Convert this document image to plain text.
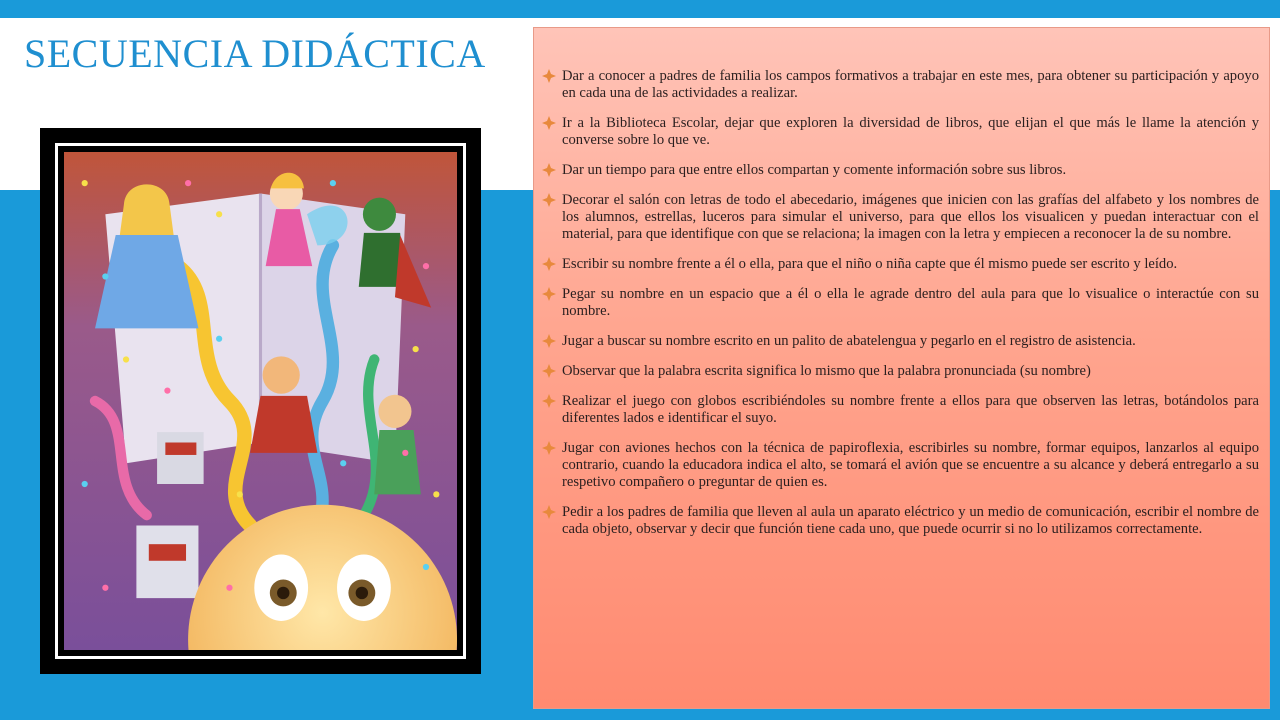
SECUENCIA DIDÁCTICA	Dar a conocer a padres de familia los campos formativos a trabajar en este mes, para obtener su participación y apoyo en cada una de las actividades a realizar.
Ir a la Biblioteca Escolar, dejar que exploren la diversidad de libros, que elijan el que más le llame la atención y converse sobre lo que ve.
Dar un tiempo para que entre ellos compartan y comente información sobre sus libros.
Decorar el salón con letras de todo el abecedario, imágenes que inicien con las grafías del alfabeto y los nombres de los alumnos, estrellas, luceros para simular el universo, para que ellos los visualicen y puedan interactuar con el material, para que identifique con que se relaciona; la imagen con la letra y empiecen a reconocer la de su nombre.
Escribir su nombre frente a él o ella, para que el niño o niña capte que él mismo puede ser escrito y leído.
Pegar su nombre en un espacio que a él o ella le agrade dentro del aula para que lo visualice o interactúe con su nombre.
Jugar a buscar su nombre escrito en un palito de abatelengua y pegarlo en el registro de asistencia.
Observar que la palabra escrita significa lo mismo que la palabra pronunciada (su nombre)
Realizar el juego con globos escribiéndoles su nombre frente a ellos para que observen las letras, botándolos para diferentes lados e identificar el suyo.
Jugar con aviones hechos con la técnica de papiroflexia, escribirles su nombre, formar equipos, lanzarlos al equipo contrario, cuando la educadora indica el alto, se tomará el avión que se encuentre a su alcance y deberá entregarlo a su respetivo compañero o preguntar de quien es.
Pedir a los padres de familia que lleven al aula un aparato eléctrico y un medio de comunicación, escribir el nombre de cada objeto, observar y decir que función tiene cada uno, que puede ocurrir si no lo utilizamos correctamente.
